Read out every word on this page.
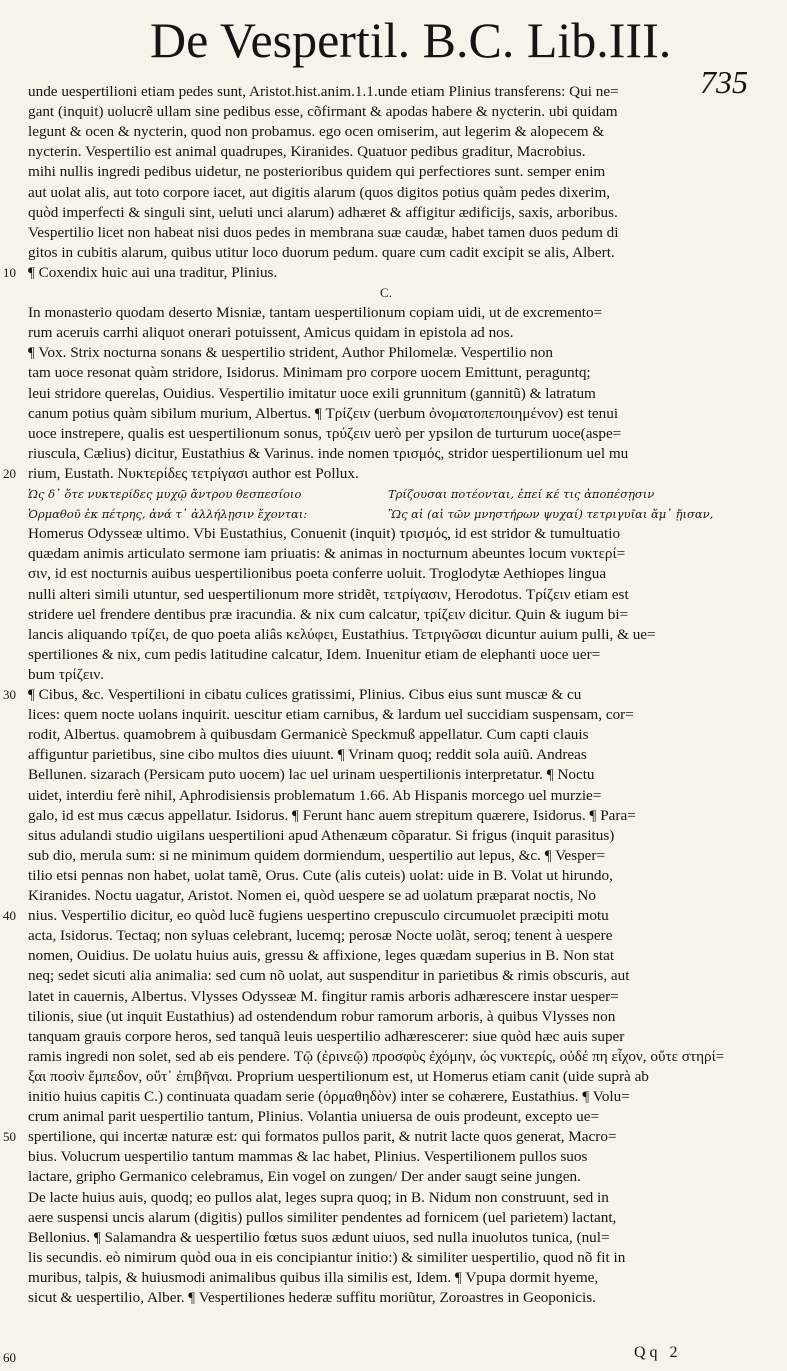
De Vespertil. B.C. Lib.III.
735
unde uespertilioni etiam pedes sunt, Aristot.hist.anim.1.1.unde etiam Plinius transferens: Qui ne=
gant (inquit) uolucrẽ ullam sine pedibus esse, cõfirmant & apodas habere & nycterin. ubi quidam
legunt & ocen & nycterin, quod non probamus. ego ocen omiserim, aut legerim & alopecem &
nycterin. Vespertilio est animal quadrupes, Kiranides. Quatuor pedibus graditur, Macrobius.
mihi nullis ingredi pedibus uidetur, ne posterioribus quidem qui perfectiores sunt. semper enim
aut uolat alis, aut toto corpore iacet, aut digitis alarum (quos digitos potius quàm pedes dixerim,
quòd imperfecti & singuli sint, ueluti unci alarum) adhæret & affigitur ædificijs, saxis, arboribus.
Vespertilio licet non habeat nisi duos pedes in membrana suæ caudæ, habet tamen duos pedum di
gitos in cubitis alarum, quibus utitur loco duorum pedum. quare cum cadit excipit se alis, Albert.
¶ Coxendix huic aui una traditur, Plinius.
C.
In monasterio quodam deserto Misniæ, tantam uespertilionum copiam uidi, ut de excremento=
rum aceruis carrhi aliquot onerari potuissent, Amicus quidam in epistola ad nos.
¶ Vox. Strix nocturna sonans & uespertilio strident, Author Philomelæ. Vespertilio non
tam uoce resonat quàm stridore, Isidorus. Minimam pro corpore uocem Emittunt, peraguntq;
leui stridore querelas, Ouidius. Vespertilio imitatur uoce exili grunnitum (gannitũ) & latratum
canum potius quàm sibilum murium, Albertus. ¶ Τρίζειν (uerbum ὀνοματοπεποιημένον) est tenui
uoce instrepere, qualis est uespertilionum sonus, τρύζειν uerò per ypsilon de turturum uoce(aspe=
riuscula, Cælius) dicitur, Eustathius & Varinus. inde nomen τρισμός, stridor uespertilionum uel mu
rium, Eustath. Νυκτερίδες τετρίγασι author est Pollux.
Ὡς δ᾽ ὅτε νυκτερίδες μυχῷ ἄντρου θεσπεσίοιο	Τρίζουσαι ποτέονται, ἐπεί κέ τις ἀποπέσῃσιν
Ὁρμαθοῦ ἐκ πέτρης, ἀνά τ᾽ ἀλλήλῃσιν ἔχονται:	Ὣς αἱ (αἱ τῶν μνηστήρων ψυχαί) τετριγυῖαι ἅμ᾽ ᾔισαν,
Homerus Odysseæ ultimo. Vbi Eustathius, Conuenit (inquit) τρισμός, id est stridor & tumultuatio
quædam animis articulato sermone iam priuatis: & animas in nocturnum abeuntes locum νυκτερί=
σιν, id est nocturnis auibus uespertilionibus poeta conferre uoluit. Troglodytæ Aethiopes lingua
nulli alteri simili utuntur, sed uespertilionum more stridẽt, τετρίγασιν, Herodotus. Τρίζειν etiam est
stridere uel frendere dentibus præ iracundia. & nix cum calcatur, τρίζειν dicitur. Quin & iugum bi=
lancis aliquando τρίζει, de quo poeta aliâs κελύφει, Eustathius. Τετριγῶσαι dicuntur auium pulli, & ue=
spertiliones & nix, cum pedis latitudine calcatur, Idem. Inuenitur etiam de elephanti uoce uer=
bum τρίζειν.
¶ Cibus, &c. Vespertilioni in cibatu culices gratissimi, Plinius. Cibus eius sunt muscæ & cu
lices: quem nocte uolans inquirit. uescitur etiam carnibus, & lardum uel succidiam suspensam, cor=
rodit, Albertus. quamobrem à quibusdam Germanicè Speckmuß appellatur. Cum capti clauis
affiguntur parietibus, sine cibo multos dies uiuunt. ¶ Vrinam quoq; reddit sola auiũ. Andreas
Bellunen. sizarach (Persicam puto uocem) lac uel urinam uespertilionis interpretatur. ¶ Noctu
uidet, interdiu ferè nihil, Aphrodisiensis problematum 1.66. Ab Hispanis morcego uel murzie=
galo, id est mus cæcus appellatur. Isidorus. ¶ Ferunt hanc auem strepitum quærere, Isidorus. ¶ Para=
situs adulandi studio uigilans uespertilioni apud Athenæum cõparatur. Si frigus (inquit parasitus)
sub dio, merula sum: si ne minimum quidem dormiendum, uespertilio aut lepus, &c. ¶ Vesper=
tilio etsi pennas non habet, uolat tamẽ, Orus. Cute (alis cuteis) uolat: uide in B. Volat ut hirundo,
Kiranides. Noctu uagatur, Aristot. Nomen ei, quòd uespere se ad uolatum præparat noctis, No
nius. Vespertilio dicitur, eo quòd lucẽ fugiens uespertino crepusculo circumuolet præcipiti motu
acta, Isidorus. Tectaq; non syluas celebrant, lucemq; perosæ Nocte uolãt, seroq; tenent à uespere
nomen, Ouidius. De uolatu huius auis, gressu & affixione, leges quædam superius in B. Non stat
neq; sedet sicuti alia animalia: sed cum nõ uolat, aut suspenditur in parietibus & rimis obscuris, aut
latet in cauernis, Albertus. Vlysses Odysseæ M. fingitur ramis arboris adhærescere instar uesper=
tilionis, siue (ut inquit Eustathius) ad ostendendum robur ramorum arboris, à quibus Vlysses non
tanquam grauis corpore heros, sed tanquã leuis uespertilio adhærescerer: siue quòd hæc auis super
ramis ingredi non solet, sed ab eis pendere. Τῷ (ἐρινεῷ) προσφὺς ἐχόμην, ὡς νυκτερίς, οὐδέ πη εἶχον, οὔτε στηρί=
ξαι ποσὶν ἔμπεδον, οὔτ᾽ ἐπιβῆναι. Proprium uespertilionum est, ut Homerus etiam canit (uide suprà ab
initio huius capitis C.) continuata quadam serie (ὁρμαθηδὸν) inter se cohærere, Eustathius. ¶ Volu=
crum animal parit uespertilio tantum, Plinius. Volantia uniuersa de ouis prodeunt, excepto ue=
spertilione, qui incertæ naturæ est: qui formatos pullos parit, & nutrit lacte quos generat, Macro=
bius. Volucrum uespertilio tantum mammas & lac habet, Plinius. Vespertilionem pullos suos
lactare, gripho Germanico celebramus, Ein vogel on zungen/ Der ander saugt seine jungen.
De lacte huius auis, quodq; eo pullos alat, leges supra quoq; in B. Nidum non construunt, sed in
aere suspensi uncis alarum (digitis) pullos similiter pendentes ad fornicem (uel parietem) lactant,
Bellonius. ¶ Salamandra & uespertilio fœtus suos ædunt uiuos, sed nulla inuolutos tunica, (nul=
lis secundis. eò nimirum quòd oua in eis concipiantur initio:) & similiter uespertilio, quod nõ fit in
muribus, talpis, & huiusmodi animalibus quibus illa similis est, Idem. ¶ Vpupa dormit hyeme,
sicut & uespertilio, Alber. ¶ Vespertiliones hederæ suffitu moriũtur, Zoroastres in Geoponicis.
10
20
30
40
50
60	Qq 2
